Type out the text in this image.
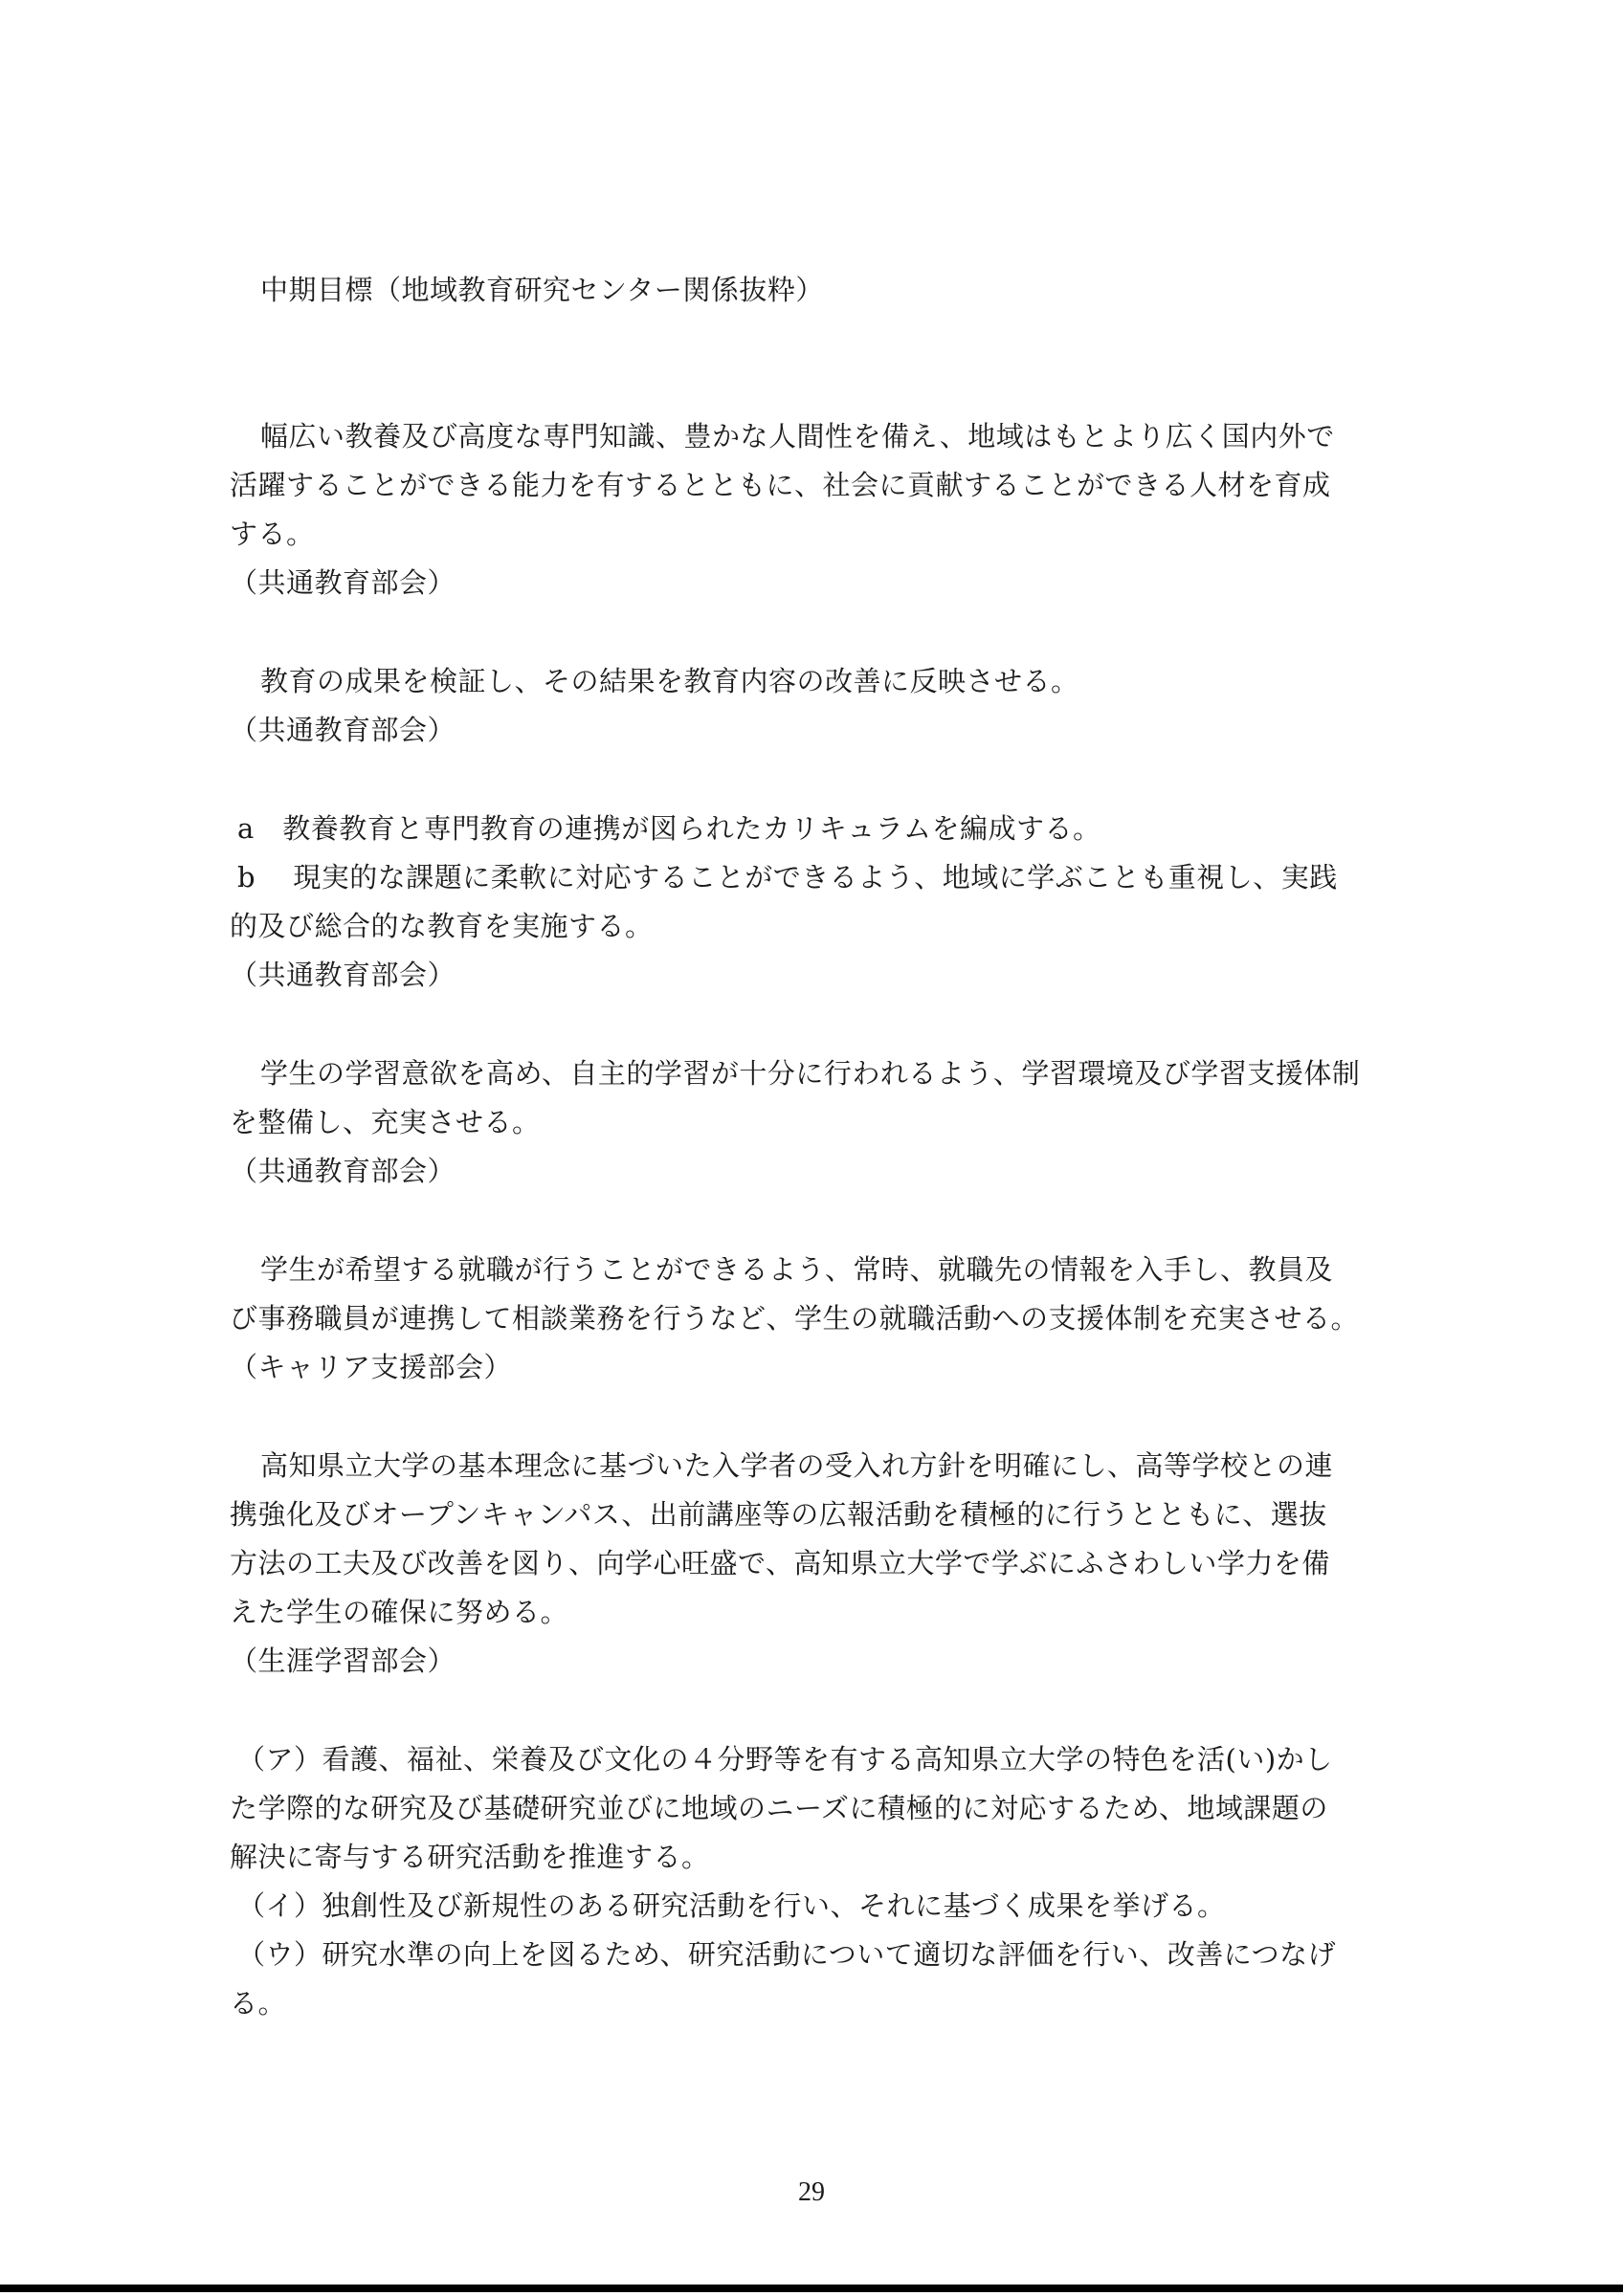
中期目標（地域教育研究センター関係抜粋）
幅広い教養及び高度な専門知識、豊かな人間性を備え、地域はもとより広く国内外で
活躍することができる能力を有するとともに、社会に貢献することができる人材を育成
する。
（共通教育部会）
教育の成果を検証し、その結果を教育内容の改善に反映させる。
（共通教育部会）
a　教養教育と専門教育の連携が図られたカリキュラムを編成する。
b　 現実的な課題に柔軟に対応することができるよう、地域に学ぶことも重視し、実践
的及び総合的な教育を実施する。
（共通教育部会）
学生の学習意欲を高め、自主的学習が十分に行われるよう、学習環境及び学習支援体制
を整備し、充実させる。
（共通教育部会）
学生が希望する就職が行うことができるよう、常時、就職先の情報を入手し、教員及
び事務職員が連携して相談業務を行うなど、学生の就職活動への支援体制を充実させる。
（キャリア支援部会）
高知県立大学の基本理念に基づいた入学者の受入れ方針を明確にし、高等学校との連
携強化及びオープンキャンパス、出前講座等の広報活動を積極的に行うとともに、選抜
方法の工夫及び改善を図り、向学心旺盛で、高知県立大学で学ぶにふさわしい学力を備
えた学生の確保に努める。
（生涯学習部会）
（ア）看護、福祉、栄養及び文化の４分野等を有する高知県立大学の特色を活(い)かし
た学際的な研究及び基礎研究並びに地域のニーズに積極的に対応するため、地域課題の
解決に寄与する研究活動を推進する。
（イ）独創性及び新規性のある研究活動を行い、それに基づく成果を挙げる。
（ウ）研究水準の向上を図るため、研究活動について適切な評価を行い、改善につなげ
る。
29
